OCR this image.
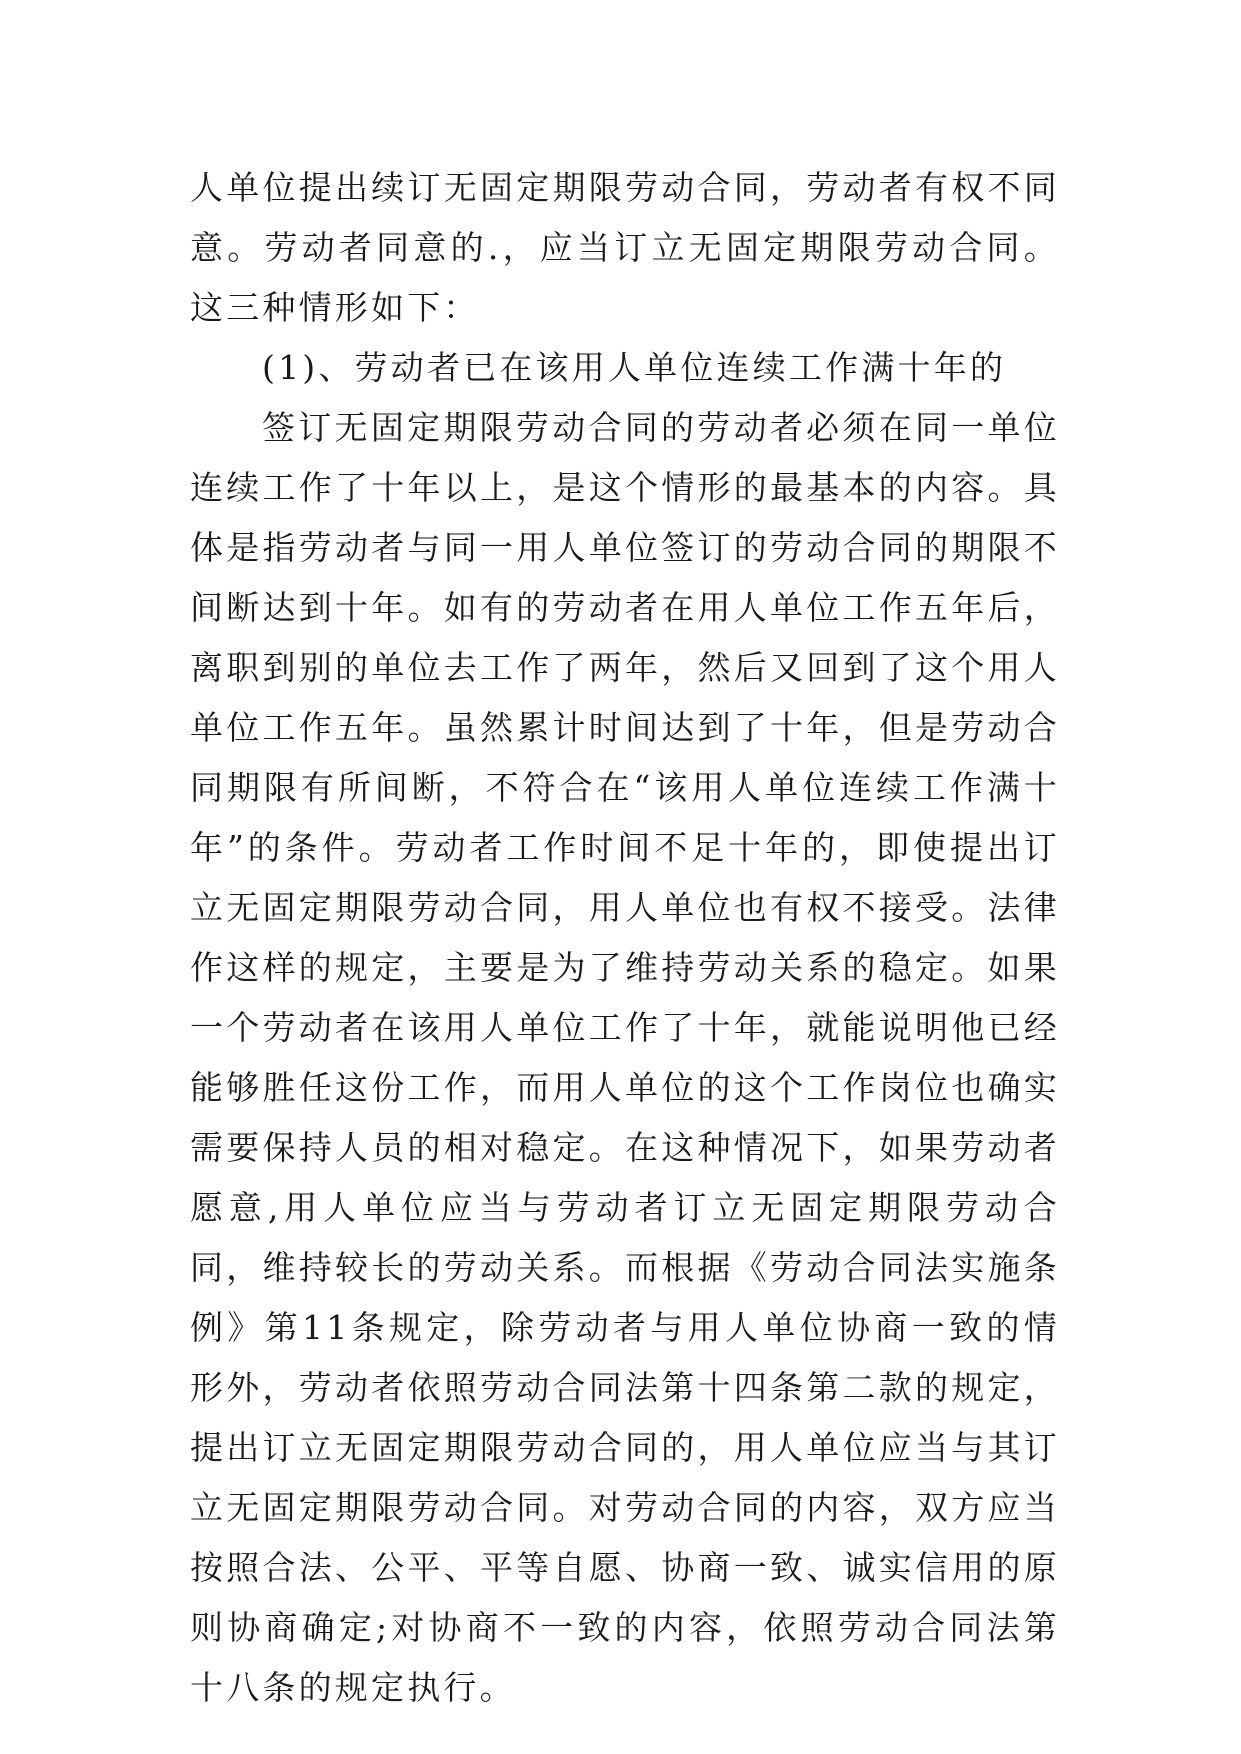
人单位提出续订无固定期限劳动合同，劳动者有权不同意。劳动者同意的.，应当订立无固定期限劳动合同。这三种情形如下：

(1)、劳动者已在该用人单位连续工作满十年的

签订无固定期限劳动合同的劳动者必须在同一单位连续工作了十年以上，是这个情形的最基本的内容。具体是指劳动者与同一用人单位签订的劳动合同的期限不间断达到十年。如有的劳动者在用人单位工作五年后，离职到别的单位去工作了两年，然后又回到了这个用人单位工作五年。虽然累计时间达到了十年，但是劳动合同期限有所间断，不符合在“该用人单位连续工作满十年”的条件。劳动者工作时间不足十年的，即使提出订立无固定期限劳动合同，用人单位也有权不接受。法律作这样的规定，主要是为了维持劳动关系的稳定。如果一个劳动者在该用人单位工作了十年，就能说明他已经能够胜任这份工作，而用人单位的这个工作岗位也确实需要保持人员的相对稳定。在这种情况下，如果劳动者愿意,用人单位应当与劳动者订立无固定期限劳动合同，维持较长的劳动关系。而根据《劳动合同法实施条例》第11条规定，除劳动者与用人单位协商一致的情形外，劳动者依照劳动合同法第十四条第二款的规定，提出订立无固定期限劳动合同的，用人单位应当与其订立无固定期限劳动合同。对劳动合同的内容，双方应当按照合法、公平、平等自愿、协商一致、诚实信用的原则协商确定;对协商不一致的内容，依照劳动合同法第十八条的规定执行。
